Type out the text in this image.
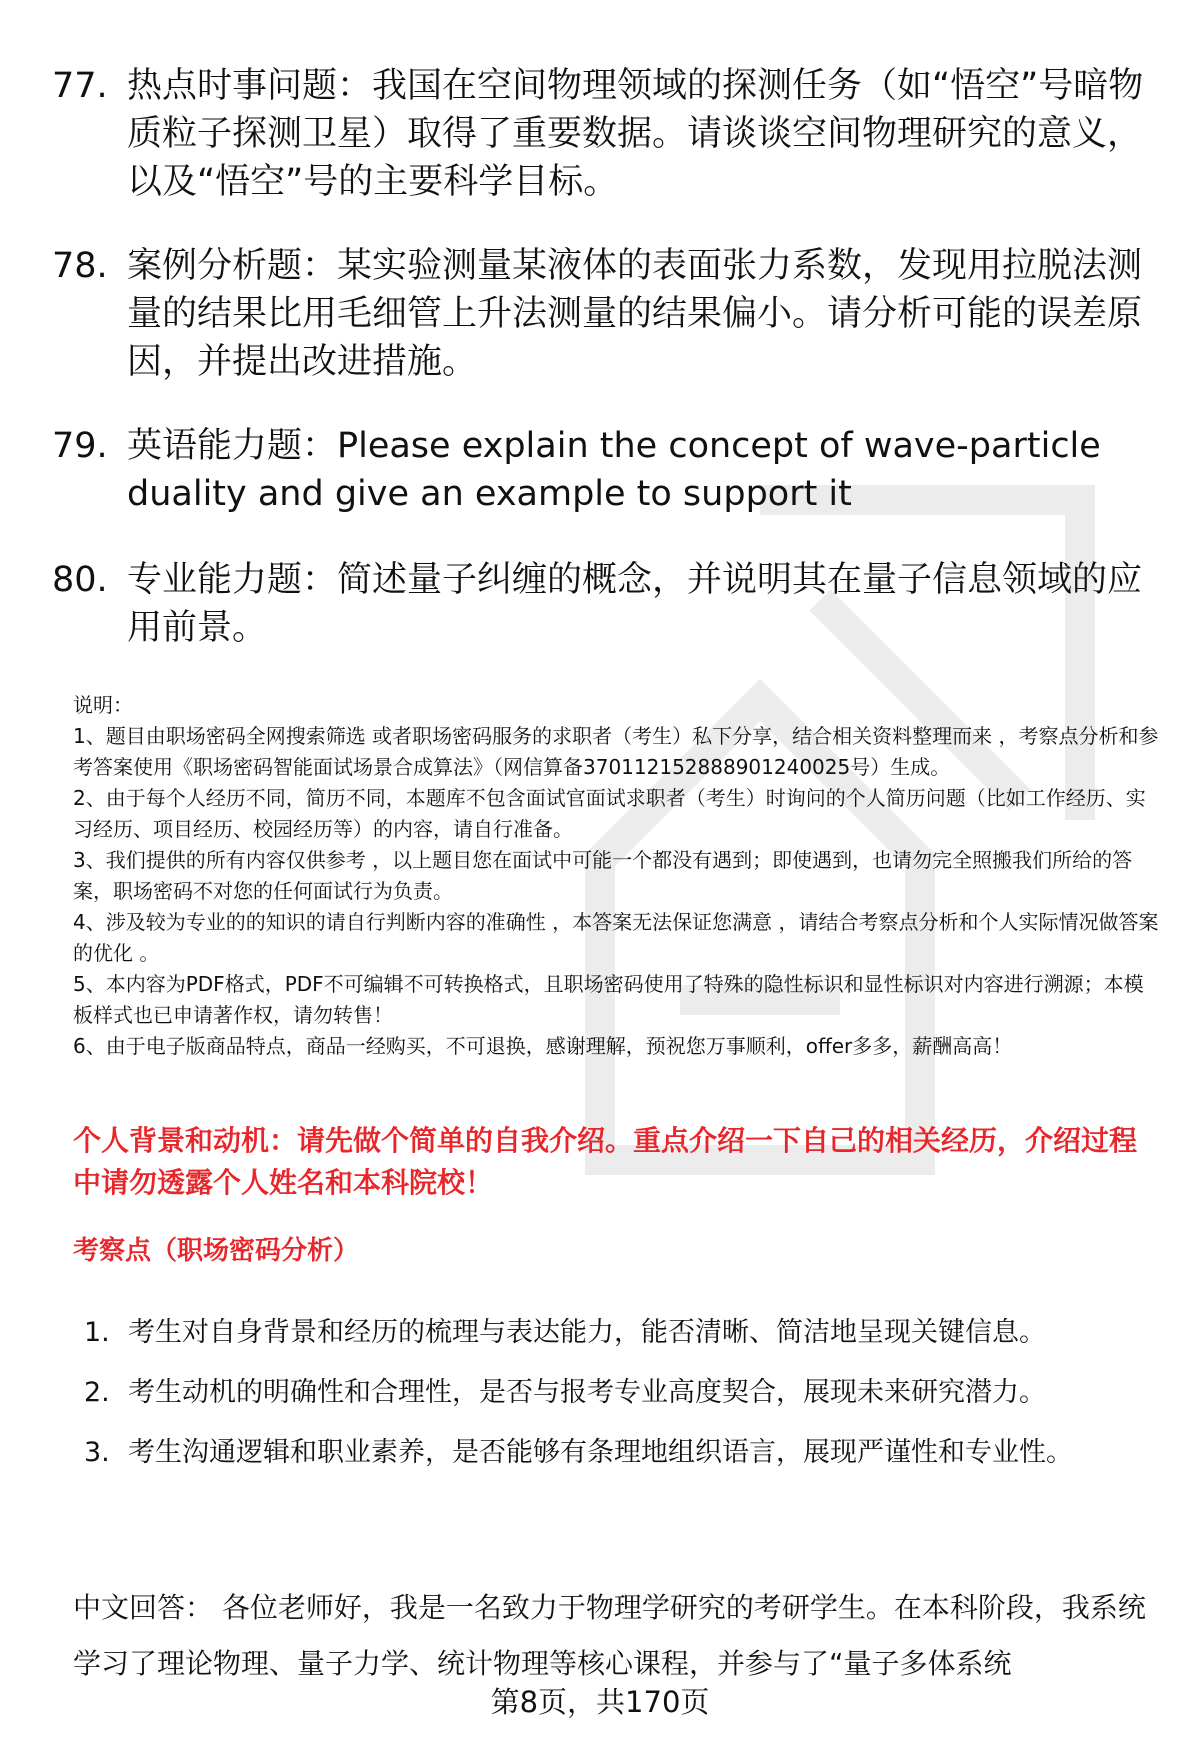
77. 热点时事问题：我国在空间物理领域的探测任务（如“悟空”号暗物质粒子探测卫星）取得了重要数据。请谈谈空间物理研究的意义，以及“悟空”号的主要科学目标。
78. 案例分析题：某实验测量某液体的表面张力系数，发现用拉脱法测量的结果比用毛细管上升法测量的结果偏小。请分析可能的误差原因，并提出改进措施。
79. 英语能力题：Please explain the concept of wave-particle duality and give an example to support it
80. 专业能力题：简述量子纠缠的概念，并说明其在量子信息领域的应用前景。

说明：

1、题目由职场密码全网搜索筛选 或者职场密码服务的求职者（考生）私下分享，结合相关资料整理而来 ，考察点分析和参考答案使用《职场密码智能面试场景合成算法》（网信算备370112152888901240025号）生成。

2、由于每个人经历不同，简历不同，本题库不包含面试官面试求职者（考生）时询问的个人简历问题（比如工作经历、实习经历、项目经历、校园经历等）的内容，请自行准备。

3、我们提供的所有内容仅供参考 ，以上题目您在面试中可能一个都没有遇到；即使遇到，也请勿完全照搬我们所给的答案，职场密码不对您的任何面试行为负责。

4、涉及较为专业的的知识的请自行判断内容的准确性 ，本答案无法保证您满意 ，请结合考察点分析和个人实际情况做答案的优化 。

5、本内容为PDF格式，PDF不可编辑不可转换格式，且职场密码使用了特殊的隐性标识和显性标识对内容进行溯源；本模板样式也已申请著作权，请勿转售！

6、由于电子版商品特点，商品一经购买，不可退换，感谢理解，预祝您万事顺利，offer多多，薪酬高高！

个人背景和动机：请先做个简单的自我介绍。重点介绍一下自己的相关经历，介绍过程中请勿透露个人姓名和本科院校！
考察点（职场密码分析）
1. 考生对自身背景和经历的梳理与表达能力，能否清晰、简洁地呈现关键信息。
2. 考生动机的明确性和合理性，是否与报考专业高度契合，展现未来研究潜力。
3. 考生沟通逻辑和职业素养，是否能够有条理地组织语言，展现严谨性和专业性。
中文回答： 各位老师好，我是一名致力于物理学研究的考研学生。在本科阶段，我系统学习了理论物理、量子力学、统计物理等核心课程，并参与了“量子多体系统
第8页，共170页
